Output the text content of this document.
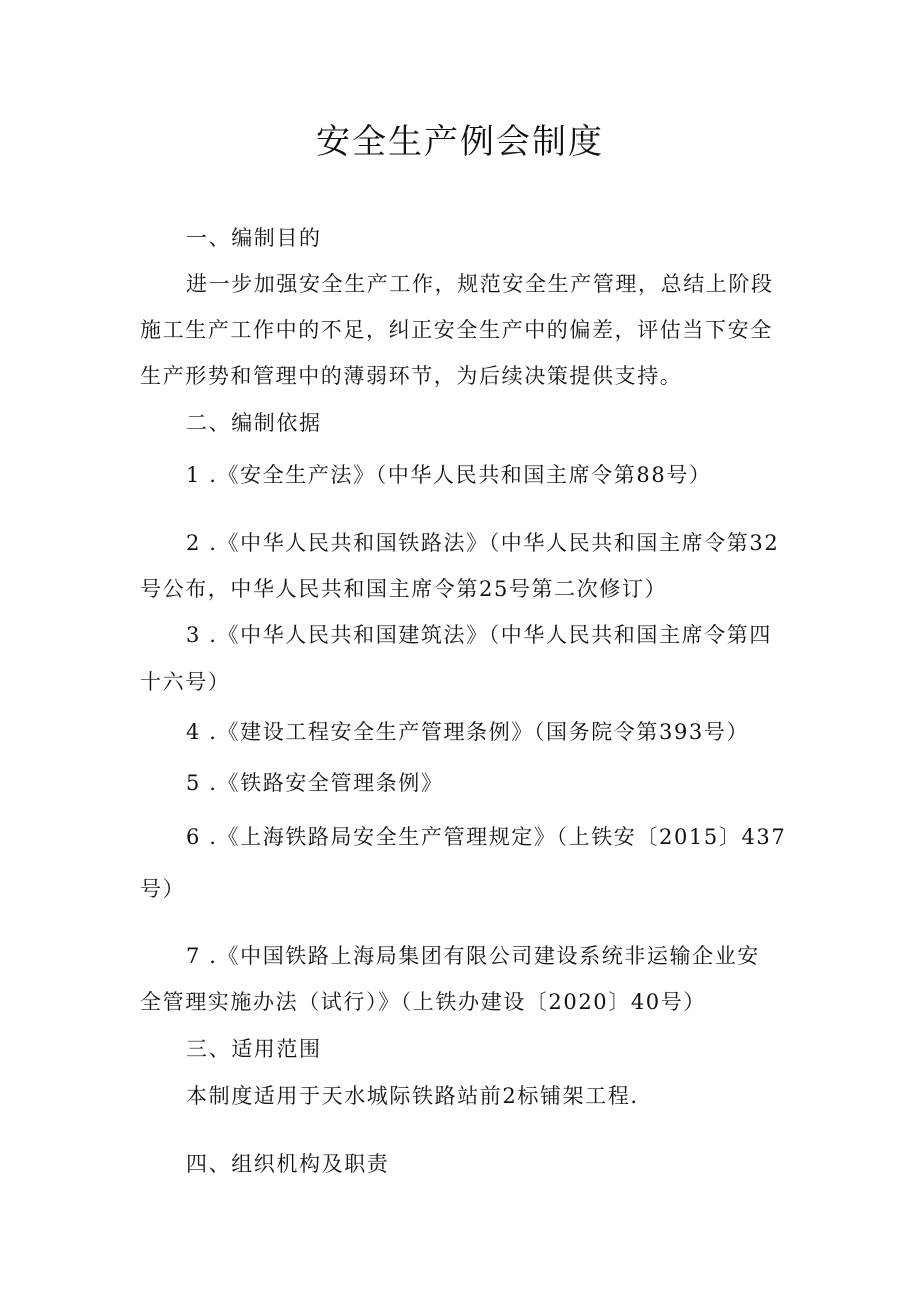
安全生产例会制度
一、编制目的
进一步加强安全生产工作，规范安全生产管理，总结上阶段
施工生产工作中的不足，纠正安全生产中的偏差，评估当下安全
生产形势和管理中的薄弱环节，为后续决策提供支持。
二、编制依据
1 .《安全生产法》（中华人民共和国主席令第88号）
2 .《中华人民共和国铁路法》（中华人民共和国主席令第32
号公布，中华人民共和国主席令第25号第二次修订）
3 .《中华人民共和国建筑法》（中华人民共和国主席令第四
十六号）
4 .《建设工程安全生产管理条例》（国务院令第393号）
5 .《铁路安全管理条例》
6 .《上海铁路局安全生产管理规定》（上铁安〔2015〕437
号）
7 .《中国铁路上海局集团有限公司建设系统非运输企业安
全管理实施办法（试行）》（上铁办建设〔2020〕40号）
三、适用范围
本制度适用于天水城际铁路站前2标铺架工程.
四、组织机构及职责
